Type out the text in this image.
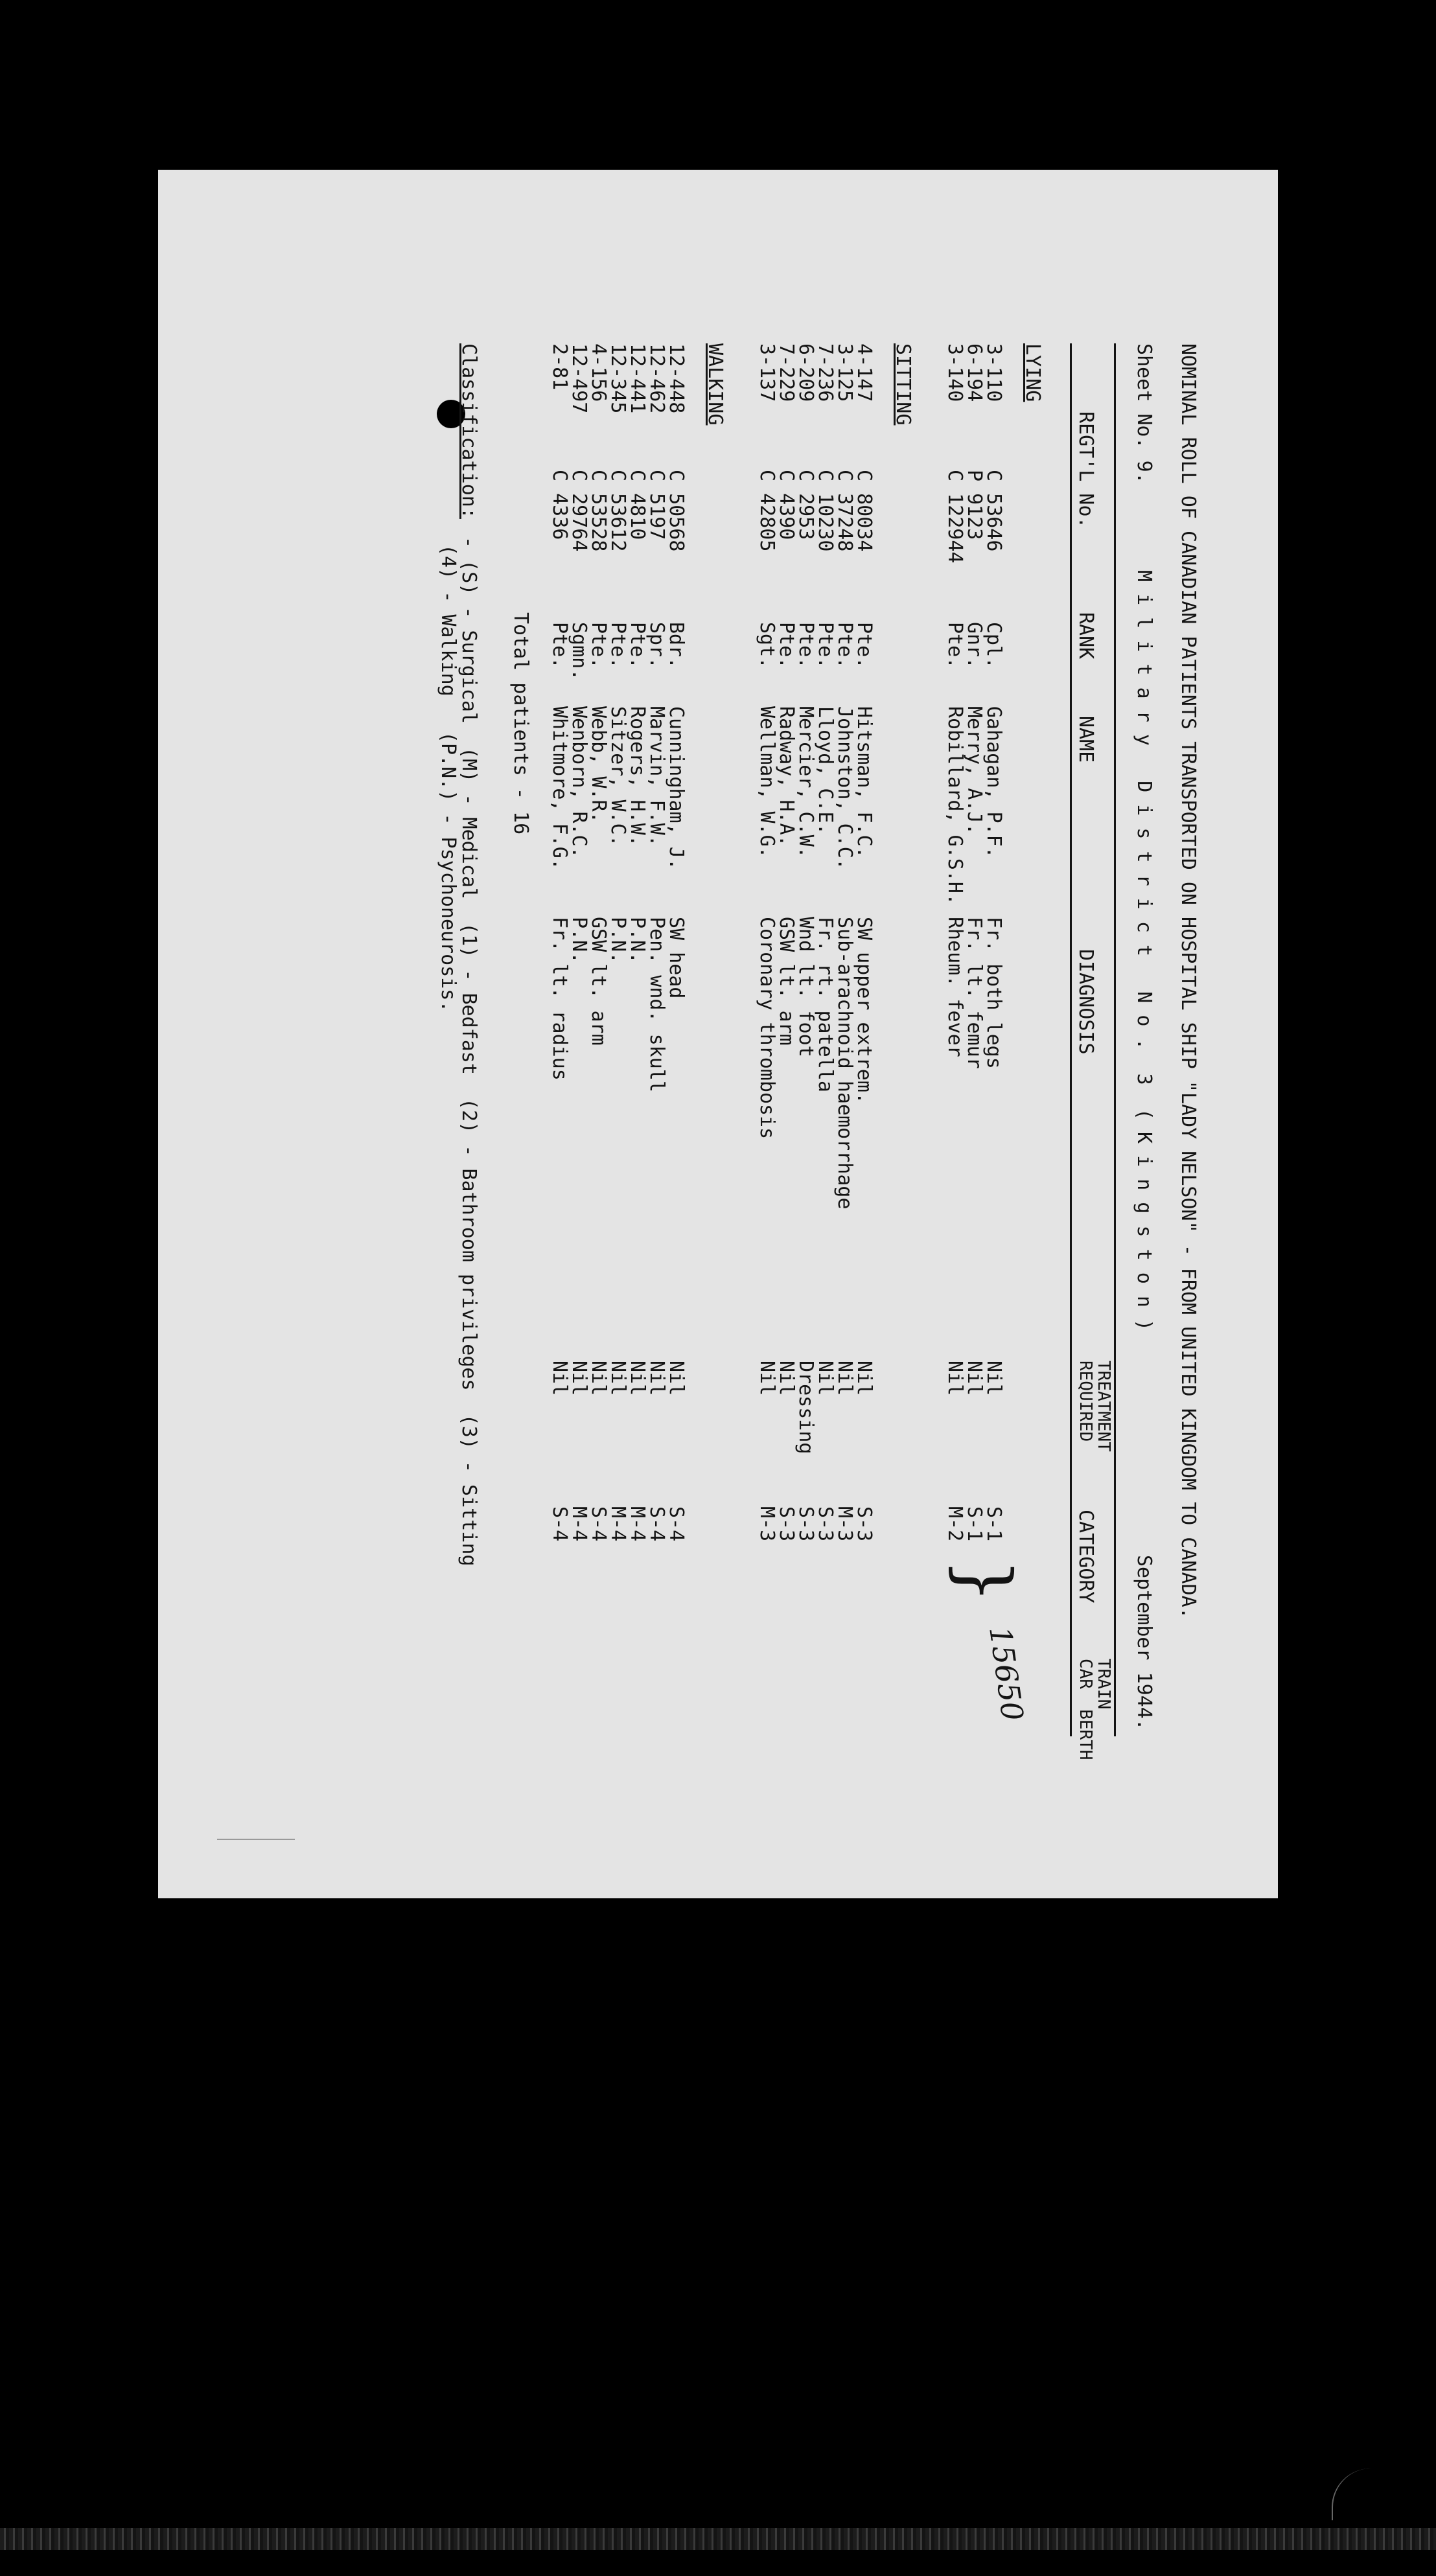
NOMINAL ROLL OF CANADIAN PATIENTS TRANSPORTED ON HOSPITAL SHIP "LADY NELSON" - FROM UNITED KINGDOM TO CANADA.
Sheet No. 9.
M i l i t a r y   D i s t r i c t   N o .  3  ( K i n g s t o n )
September 1944.
TREATMENT
TRAIN
REGT'L No.
RANK
NAME
DIAGNOSIS
REQUIRED
CATEGORY
CAR  BERTH
LYING
3-110
C 53646
Cpl.
Gahagan, P.F.
Fr. both legs
Nil
S-1
6-194
P 9123
Gnr.
Merry, A.J.
Fr. lt. femur
Nil
S-1
3-140
C 122944
Pte.
Robillard, G.S.H.
Rheum. fever
Nil
M-2
}
15650
SITTING
4-147
C 80034
Pte.
Hitsman, F.C.
SW upper extrem.
Nil
S-3
3-125
C 37248
Pte.
Johnston, C.C.
Sub-arachnoid haemorrhage
Nil
M-3
7-236
C 10230
Pte.
Lloyd, C.E.
Fr. rt. patella
Nil
S-3
6-209
C 2953
Pte.
Mercier, C.W.
Wnd lt. foot
Dressing
S-3
7-229
C 4390
Pte.
Radway, H.A.
GSW lt. arm
Nil
S-3
3-137
C 42805
Sgt.
Wellman, W.G.
Coronary thrombosis
Nil
M-3
WALKING
12-448
C 50568
Bdr.
Cunningham, J.
SW head
Nil
S-4
12-462
C 5197
Spr.
Marvin, F.W.
Pen. wnd. skull
Nil
S-4
12-441
C 4810
Pte.
Rogers, H.W.
P.N.
Nil
M-4
12-345
C 53612
Pte.
Sitzer, W.C.
P.N.
Nil
M-4
4-156
C 53528
Pte.
Webb, W.R.
GSW lt. arm
Nil
S-4
12-497
C 29764
Sgmn.
Wenborn, R.C.
P.N.
Nil
M-4
2-81
C 4336
Pte.
Whitmore, F.G.
Fr. lt. radius
Nil
S-4
Total patients - 16
Classification:
- (S) - Surgical  (M) - Medical  (1) - Bedfast  (2) - Bathroom privileges  (3) - Sitting
(4) - Walking   (P.N.) - Psychoneurosis.
